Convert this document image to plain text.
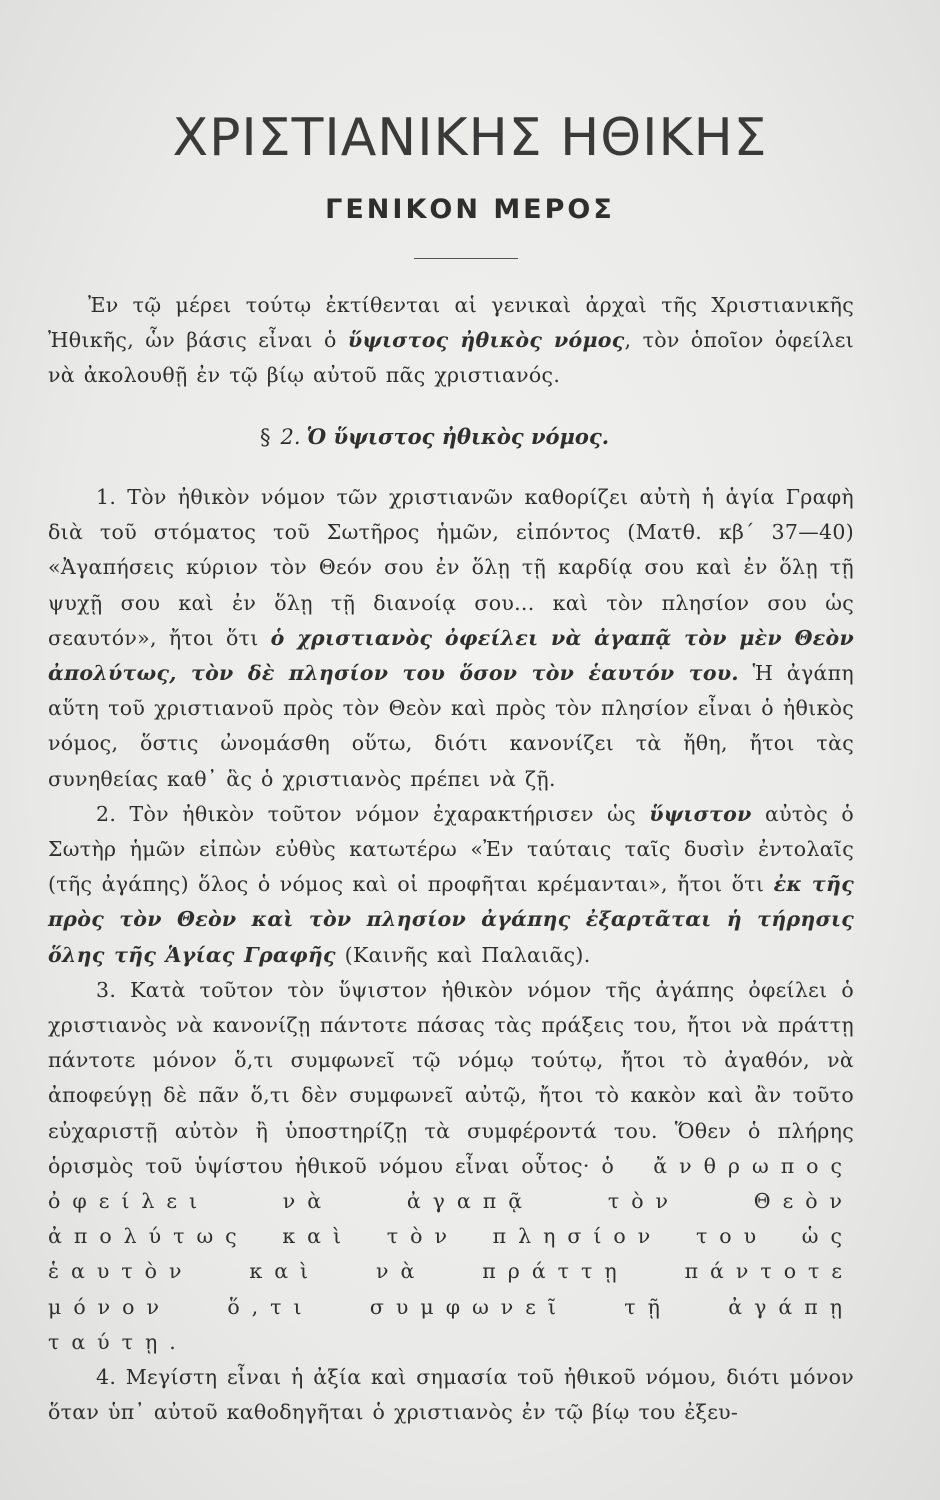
ΧΡΙΣΤΙΑΝΙΚΗΣ ΗΘΙΚΗΣ
ΓΕΝΙΚΟΝ ΜΕΡΟΣ
Ἐν τῷ μέρει τούτῳ ἐκτίθενται αἱ γενικαὶ ἀρχαὶ τῆς Χριστιανικῆς Ἠθικῆς, ὧν βάσις εἶναι ὁ ὕψιστος ἠθικὸς νόμος, τὸν ὁποῖον ὀφείλει νὰ ἀκολουθῇ ἐν τῷ βίῳ αὐτοῦ πᾶς χριστιανός.
§ 2. Ὁ ὕψιστος ἠθικὸς νόμος.

1. Τὸν ἠθικὸν νόμον τῶν χριστιανῶν καθορίζει αὐτὴ ἡ ἁγία Γραφὴ διὰ τοῦ στόματος τοῦ Σωτῆρος ἡμῶν, εἰπόντος (Ματθ. κβ΄ 37—40) «Ἀγαπήσεις κύριον τὸν Θεόν σου ἐν ὅλῃ τῇ καρδίᾳ σου καὶ ἐν ὅλῃ τῇ ψυχῇ σου καὶ ἐν ὅλῃ τῇ διανοίᾳ σου... καὶ τὸν πλησίον σου ὡς σεαυτόν», ἤτοι ὅτι ὁ χριστιανὸς ὀφείλει νὰ ἀγαπᾷ τὸν μὲν Θεὸν ἀπολύτως, τὸν δὲ πλησίον του ὅσον τὸν ἑαυτόν του. Ἡ ἀγάπη αὕτη τοῦ χριστιανοῦ πρὸς τὸν Θεὸν καὶ πρὸς τὸν πλησίον εἶναι ὁ ἠθικὸς νόμος, ὅστις ὠνομάσθη οὕτω, διότι κανονίζει τὰ ἤθη, ἤτοι τὰς συνηθείας καθ᾽ ἃς ὁ χριστιανὸς πρέπει νὰ ζῇ.

2. Τὸν ἠθικὸν τοῦτον νόμον ἐχαρακτήρισεν ὡς ὕψιστον αὐτὸς ὁ Σωτὴρ ἡμῶν εἰπὼν εὐθὺς κατωτέρω «Ἐν ταύταις ταῖς δυσὶν ἐντολαῖς (τῆς ἀγάπης) ὅλος ὁ νόμος καὶ οἱ προφῆται κρέμανται», ἤτοι ὅτι ἐκ τῆς πρὸς τὸν Θεὸν καὶ τὸν πλησίον ἀγάπης ἐξαρτᾶται ἡ τήρησις ὅλης τῆς Ἁγίας Γραφῆς (Καινῆς καὶ Παλαιᾶς).

3. Κατὰ τοῦτον τὸν ὕψιστον ἠθικὸν νόμον τῆς ἀγάπης ὀφείλει ὁ χριστιανὸς νὰ κανονίζῃ πάντοτε πάσας τὰς πράξεις του, ἤτοι νὰ πράττῃ πάντοτε μόνον ὅ,τι συμφωνεῖ τῷ νόμῳ τούτῳ, ἤτοι τὸ ἀγαθόν, νὰ ἀποφεύγῃ δὲ πᾶν ὅ,τι δὲν συμφωνεῖ αὐτῷ, ἤτοι τὸ κακὸν καὶ ἂν τοῦτο εὐχαριστῇ αὐτὸν ἢ ὑποστηρίζῃ τὰ συμφέροντά του. Ὅθεν ὁ πλήρης ὁρισμὸς τοῦ ὑψίστου ἠθικοῦ νόμου εἶναι οὗτος· ὁ ἄνθρωπος ὀφείλει νὰ ἀγαπᾷ τὸν Θεὸν ἀπολύτως καὶ τὸν πλησίον του ὡς ἑαυτὸν καὶ νὰ πράττῃ πάντοτε μόνον ὅ,τι συμφωνεῖ τῇ ἀγάπῃ ταύτῃ.

4. Μεγίστη εἶναι ἡ ἀξία καὶ σημασία τοῦ ἠθικοῦ νόμου, διότι μόνον ὅταν ὑπ᾽ αὐτοῦ καθοδηγῆται ὁ χριστιανὸς ἐν τῷ βίῳ του ἐξευ-
